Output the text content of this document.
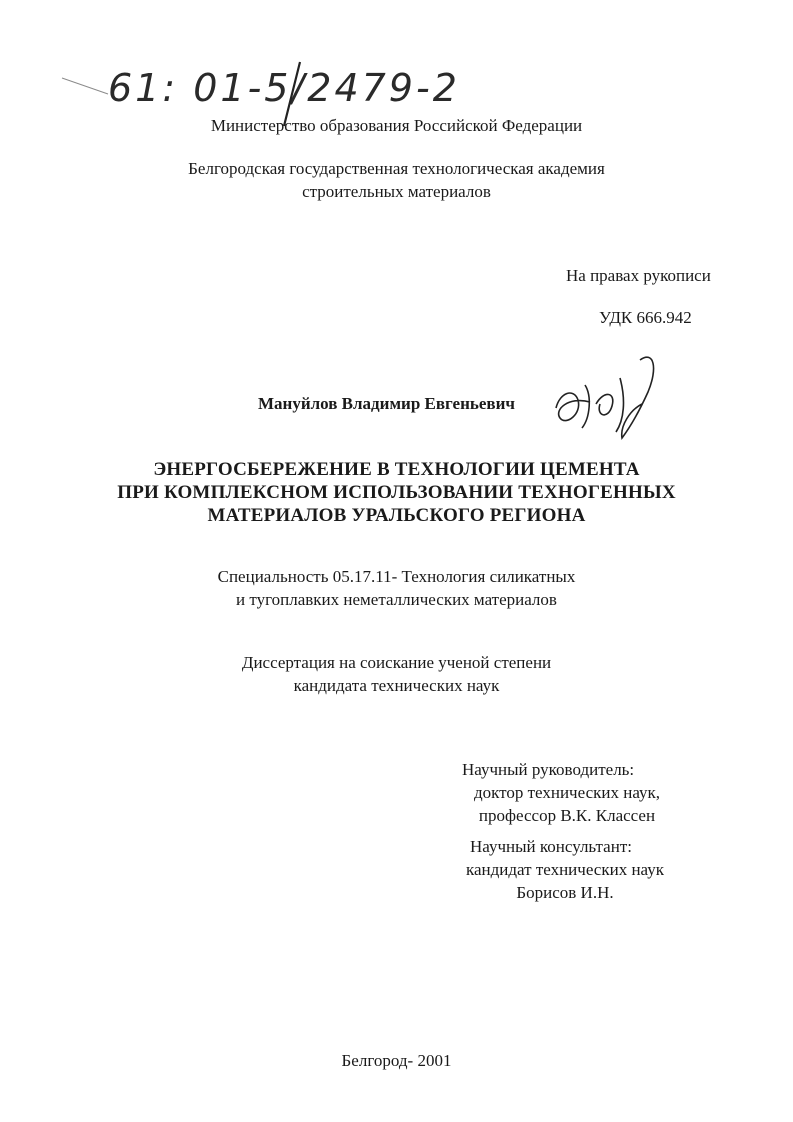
61: 01-5/2479-2
Министерство образования Российской Федерации
Белгородская государственная технологическая академия
строительных материалов
На правах рукописи
УДК 666.942
Мануйлов Владимир Евгеньевич
ЭНЕРГОСБЕРЕЖЕНИЕ В ТЕХНОЛОГИИ ЦЕМЕНТА
ПРИ КОМПЛЕКСНОМ ИСПОЛЬЗОВАНИИ ТЕХНОГЕННЫХ
МАТЕРИАЛОВ УРАЛЬСКОГО РЕГИОНА
Специальность 05.17.11- Технология силикатных
и тугоплавких неметаллических материалов
Диссертация на соискание ученой степени
кандидата технических наук
Научный руководитель:
доктор технических наук,
профессор В.К. Классен
Научный консультант:
кандидат технических наук
Борисов И.Н.
Белгород- 2001
